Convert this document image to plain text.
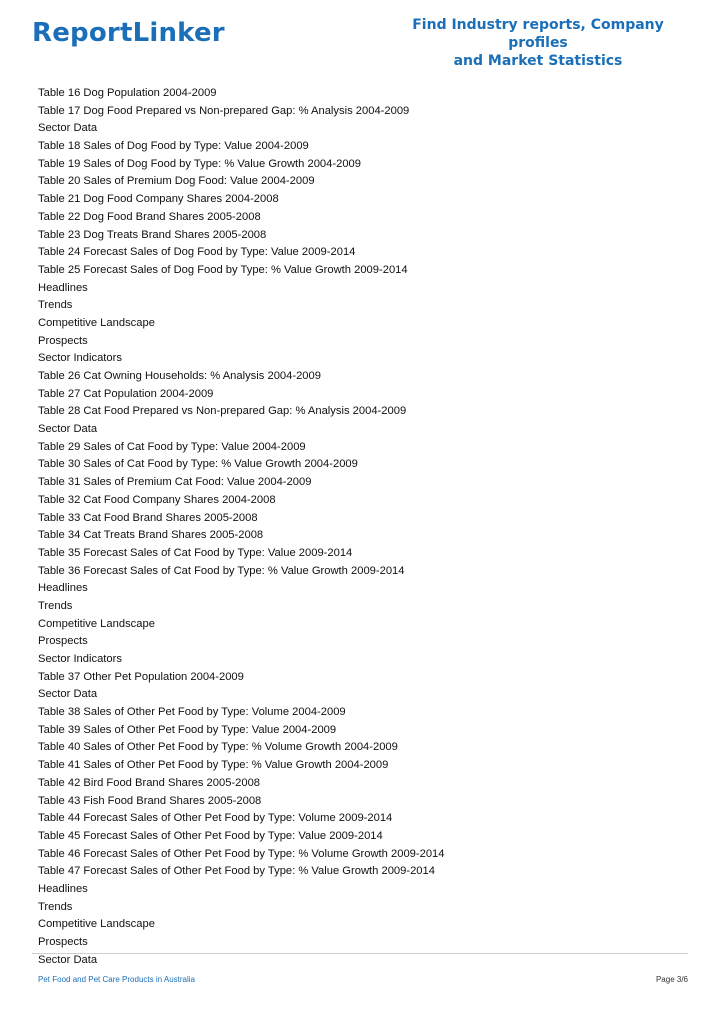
ReportLinker	Find Industry reports, Company profiles
and Market Statistics
Table 16 Dog Population 2004-2009
Table 17 Dog Food Prepared vs Non-prepared Gap: % Analysis 2004-2009
Sector Data
Table 18 Sales of Dog Food by Type: Value 2004-2009
Table 19 Sales of Dog Food by Type: % Value Growth 2004-2009
Table 20 Sales of Premium Dog Food: Value 2004-2009
Table 21 Dog Food Company Shares 2004-2008
Table 22 Dog Food Brand Shares 2005-2008
Table 23 Dog Treats Brand Shares 2005-2008
Table 24 Forecast Sales of Dog Food by Type: Value 2009-2014
Table 25 Forecast Sales of Dog Food by Type: % Value Growth 2009-2014
Headlines
Trends
Competitive Landscape
Prospects
Sector Indicators
Table 26 Cat Owning Households: % Analysis 2004-2009
Table 27 Cat Population 2004-2009
Table 28 Cat Food Prepared vs Non-prepared Gap: % Analysis 2004-2009
Sector Data
Table 29 Sales of Cat Food by Type: Value 2004-2009
Table 30 Sales of Cat Food by Type: % Value Growth 2004-2009
Table 31 Sales of Premium Cat Food: Value 2004-2009
Table 32 Cat Food Company Shares 2004-2008
Table 33 Cat Food Brand Shares 2005-2008
Table 34 Cat Treats Brand Shares 2005-2008
Table 35 Forecast Sales of Cat Food by Type: Value 2009-2014
Table 36 Forecast Sales of Cat Food by Type: % Value Growth 2009-2014
Headlines
Trends
Competitive Landscape
Prospects
Sector Indicators
Table 37 Other Pet Population 2004-2009
Sector Data
Table 38 Sales of Other Pet Food by Type: Volume 2004-2009
Table 39 Sales of Other Pet Food by Type: Value 2004-2009
Table 40 Sales of Other Pet Food by Type: % Volume Growth 2004-2009
Table 41 Sales of Other Pet Food by Type: % Value Growth 2004-2009
Table 42 Bird Food Brand Shares 2005-2008
Table 43 Fish Food Brand Shares 2005-2008
Table 44 Forecast Sales of Other Pet Food by Type: Volume 2009-2014
Table 45 Forecast Sales of Other Pet Food by Type: Value 2009-2014
Table 46 Forecast Sales of Other Pet Food by Type: % Volume Growth 2009-2014
Table 47 Forecast Sales of Other Pet Food by Type: % Value Growth 2009-2014
Headlines
Trends
Competitive Landscape
Prospects
Sector Data
Pet Food and Pet Care Products in Australia	Page 3/6
